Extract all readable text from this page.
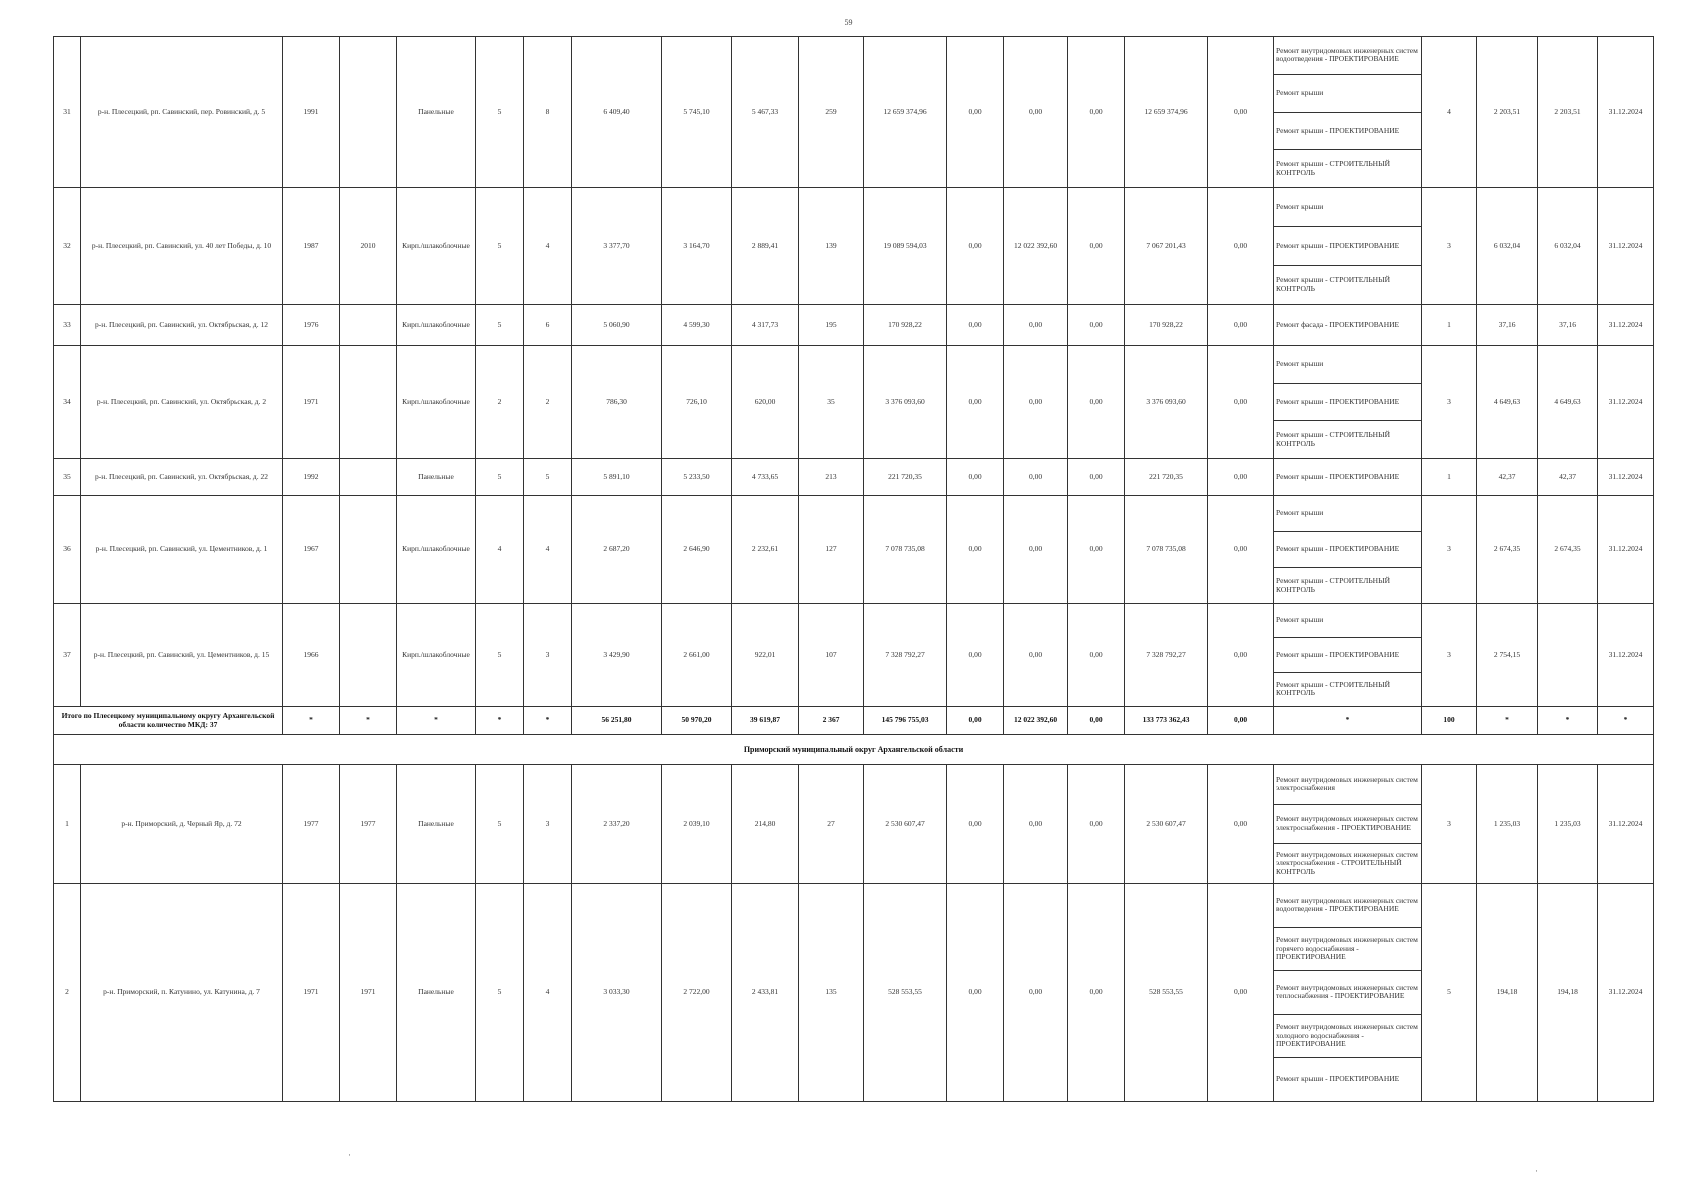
59
31	р-н. Плесецкий, рп. Савинский, пер. Ровинский, д. 5	1991		Панельные	5	8	6 409,40	5 745,10	5 467,33	259	12 659 374,96	0,00	0,00	0,00	12 659 374,96	0,00	Ремонт внутридомовых инженерных систем водоотведения - ПРОЕКТИРОВАНИЕ
Ремонт крыши
Ремонт крыши - ПРОЕКТИРОВАНИЕ
Ремонт крыши - СТРОИТЕЛЬНЫЙ КОНТРОЛЬ	4	2 203,51	2 203,51	31.12.2024
32	р-н. Плесецкий, рп. Савинский, ул. 40 лет Победы, д. 10	1987	2010	Кирп./шлакоблочные	5	4	3 377,70	3 164,70	2 889,41	139	19 089 594,03	0,00	12 022 392,60	0,00	7 067 201,43	0,00	Ремонт крыши
Ремонт крыши - ПРОЕКТИРОВАНИЕ
Ремонт крыши - СТРОИТЕЛЬНЫЙ КОНТРОЛЬ	3	6 032,04	6 032,04	31.12.2024
33	р-н. Плесецкий, рп. Савинский, ул. Октябрьская, д. 12	1976		Кирп./шлакоблочные	5	6	5 060,90	4 599,30	4 317,73	195	170 928,22	0,00	0,00	0,00	170 928,22	0,00	Ремонт фасада - ПРОЕКТИРОВАНИЕ	1	37,16	37,16	31.12.2024
34	р-н. Плесецкий, рп. Савинский, ул. Октябрьская, д. 2	1971		Кирп./шлакоблочные	2	2	786,30	726,10	620,00	35	3 376 093,60	0,00	0,00	0,00	3 376 093,60	0,00	Ремонт крыши
Ремонт крыши - ПРОЕКТИРОВАНИЕ
Ремонт крыши - СТРОИТЕЛЬНЫЙ КОНТРОЛЬ	3	4 649,63	4 649,63	31.12.2024
35	р-н. Плесецкий, рп. Савинский, ул. Октябрьская, д. 22	1992		Панельные	5	5	5 891,10	5 233,50	4 733,65	213	221 720,35	0,00	0,00	0,00	221 720,35	0,00	Ремонт крыши - ПРОЕКТИРОВАНИЕ	1	42,37	42,37	31.12.2024
36	р-н. Плесецкий, рп. Савинский, ул. Цементников, д. 1	1967		Кирп./шлакоблочные	4	4	2 687,20	2 646,90	2 232,61	127	7 078 735,08	0,00	0,00	0,00	7 078 735,08	0,00	Ремонт крыши
Ремонт крыши - ПРОЕКТИРОВАНИЕ
Ремонт крыши - СТРОИТЕЛЬНЫЙ КОНТРОЛЬ	3	2 674,35	2 674,35	31.12.2024
37	р-н. Плесецкий, рп. Савинский, ул. Цементников, д. 15	1966		Кирп./шлакоблочные	5	3	3 429,90	2 661,00	922,01	107	7 328 792,27	0,00	0,00	0,00	7 328 792,27	0,00	Ремонт крыши
Ремонт крыши - ПРОЕКТИРОВАНИЕ
Ремонт крыши - СТРОИТЕЛЬНЫЙ КОНТРОЛЬ	3	2 754,15		31.12.2024
Итого по Плесецкому муниципальному округу Архангельской области количество МКД: 37		*	*	*	*	*	56 251,80	50 970,20	39 619,87	2 367	145 796 755,03	0,00	12 022 392,60	0,00	133 773 362,43	0,00	*	100	*	*	*
Приморский муниципальный округ Архангельской области																					
1	р-н. Приморский, д. Черный Яр, д. 72	1977	1977	Панельные	5	3	2 337,20	2 039,10	214,80	27	2 530 607,47	0,00	0,00	0,00	2 530 607,47	0,00	Ремонт внутридомовых инженерных систем электроснабжения
Ремонт внутридомовых инженерных систем электроснабжения - ПРОЕКТИРОВАНИЕ
Ремонт внутридомовых инженерных систем электроснабжения - СТРОИТЕЛЬНЫЙ КОНТРОЛЬ	3	1 235,03	1 235,03	31.12.2024
2	р-н. Приморский, п. Катунино, ул. Катунина, д. 7	1971	1971	Панельные	5	4	3 033,30	2 722,00	2 433,81	135	528 553,55	0,00	0,00	0,00	528 553,55	0,00	Ремонт внутридомовых инженерных систем водоотведения - ПРОЕКТИРОВАНИЕ
Ремонт внутридомовых инженерных систем горячего водоснабжения - ПРОЕКТИРОВАНИЕ
Ремонт внутридомовых инженерных систем теплоснабжения - ПРОЕКТИРОВАНИЕ
Ремонт внутридомовых инженерных систем холодного водоснабжения - ПРОЕКТИРОВАНИЕ
Ремонт крыши - ПРОЕКТИРОВАНИЕ	5	194,18	194,18	31.12.2024
·
·
